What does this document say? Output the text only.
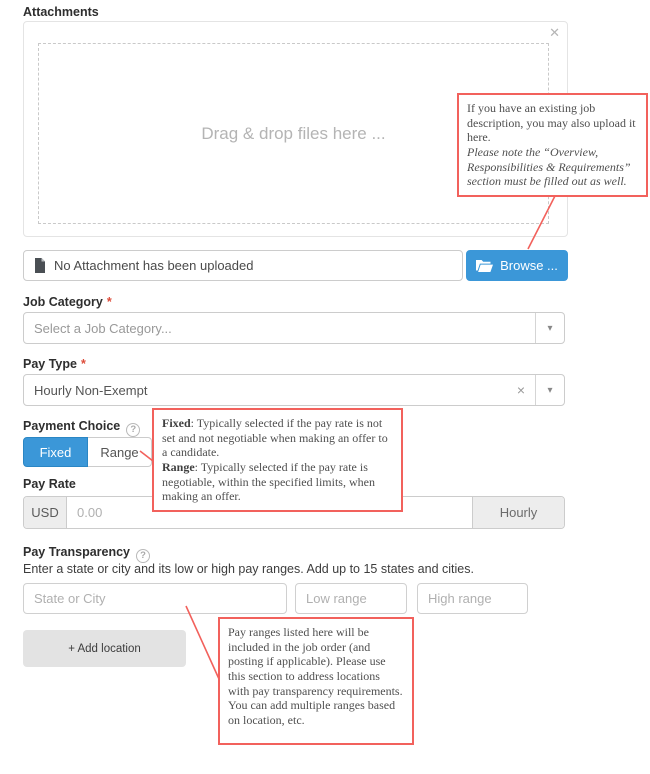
Attachments
✕
Drag & drop files here ...
No Attachment has been uploaded	Browse ...
Job Category *
Select a Job Category...	▾
Pay Type *
Hourly Non-Exempt	×	▾
Payment Choice ?
Fixed	Range
Pay Rate
USD
0.00	Hourly
Pay Transparency ?
Enter a state or city and its low or high pay ranges. Add up to 15 states and cities.
State or City
Low range
High range
+ Add location
If you have an existing job description, you may also upload it here.
Please note the “Overview, Responsibilities & Requirements” section must be filled out as well.
Fixed: Typically selected if the pay rate is not set and not negotiable when making an offer to a candidate.
Range: Typically selected if the pay rate is negotiable, within the specified limits, when making an offer.
Pay ranges listed here will be included in the job order (and posting if applicable). Please use this section to address locations with pay transparency requirements. You can add multiple ranges based on location, etc.
